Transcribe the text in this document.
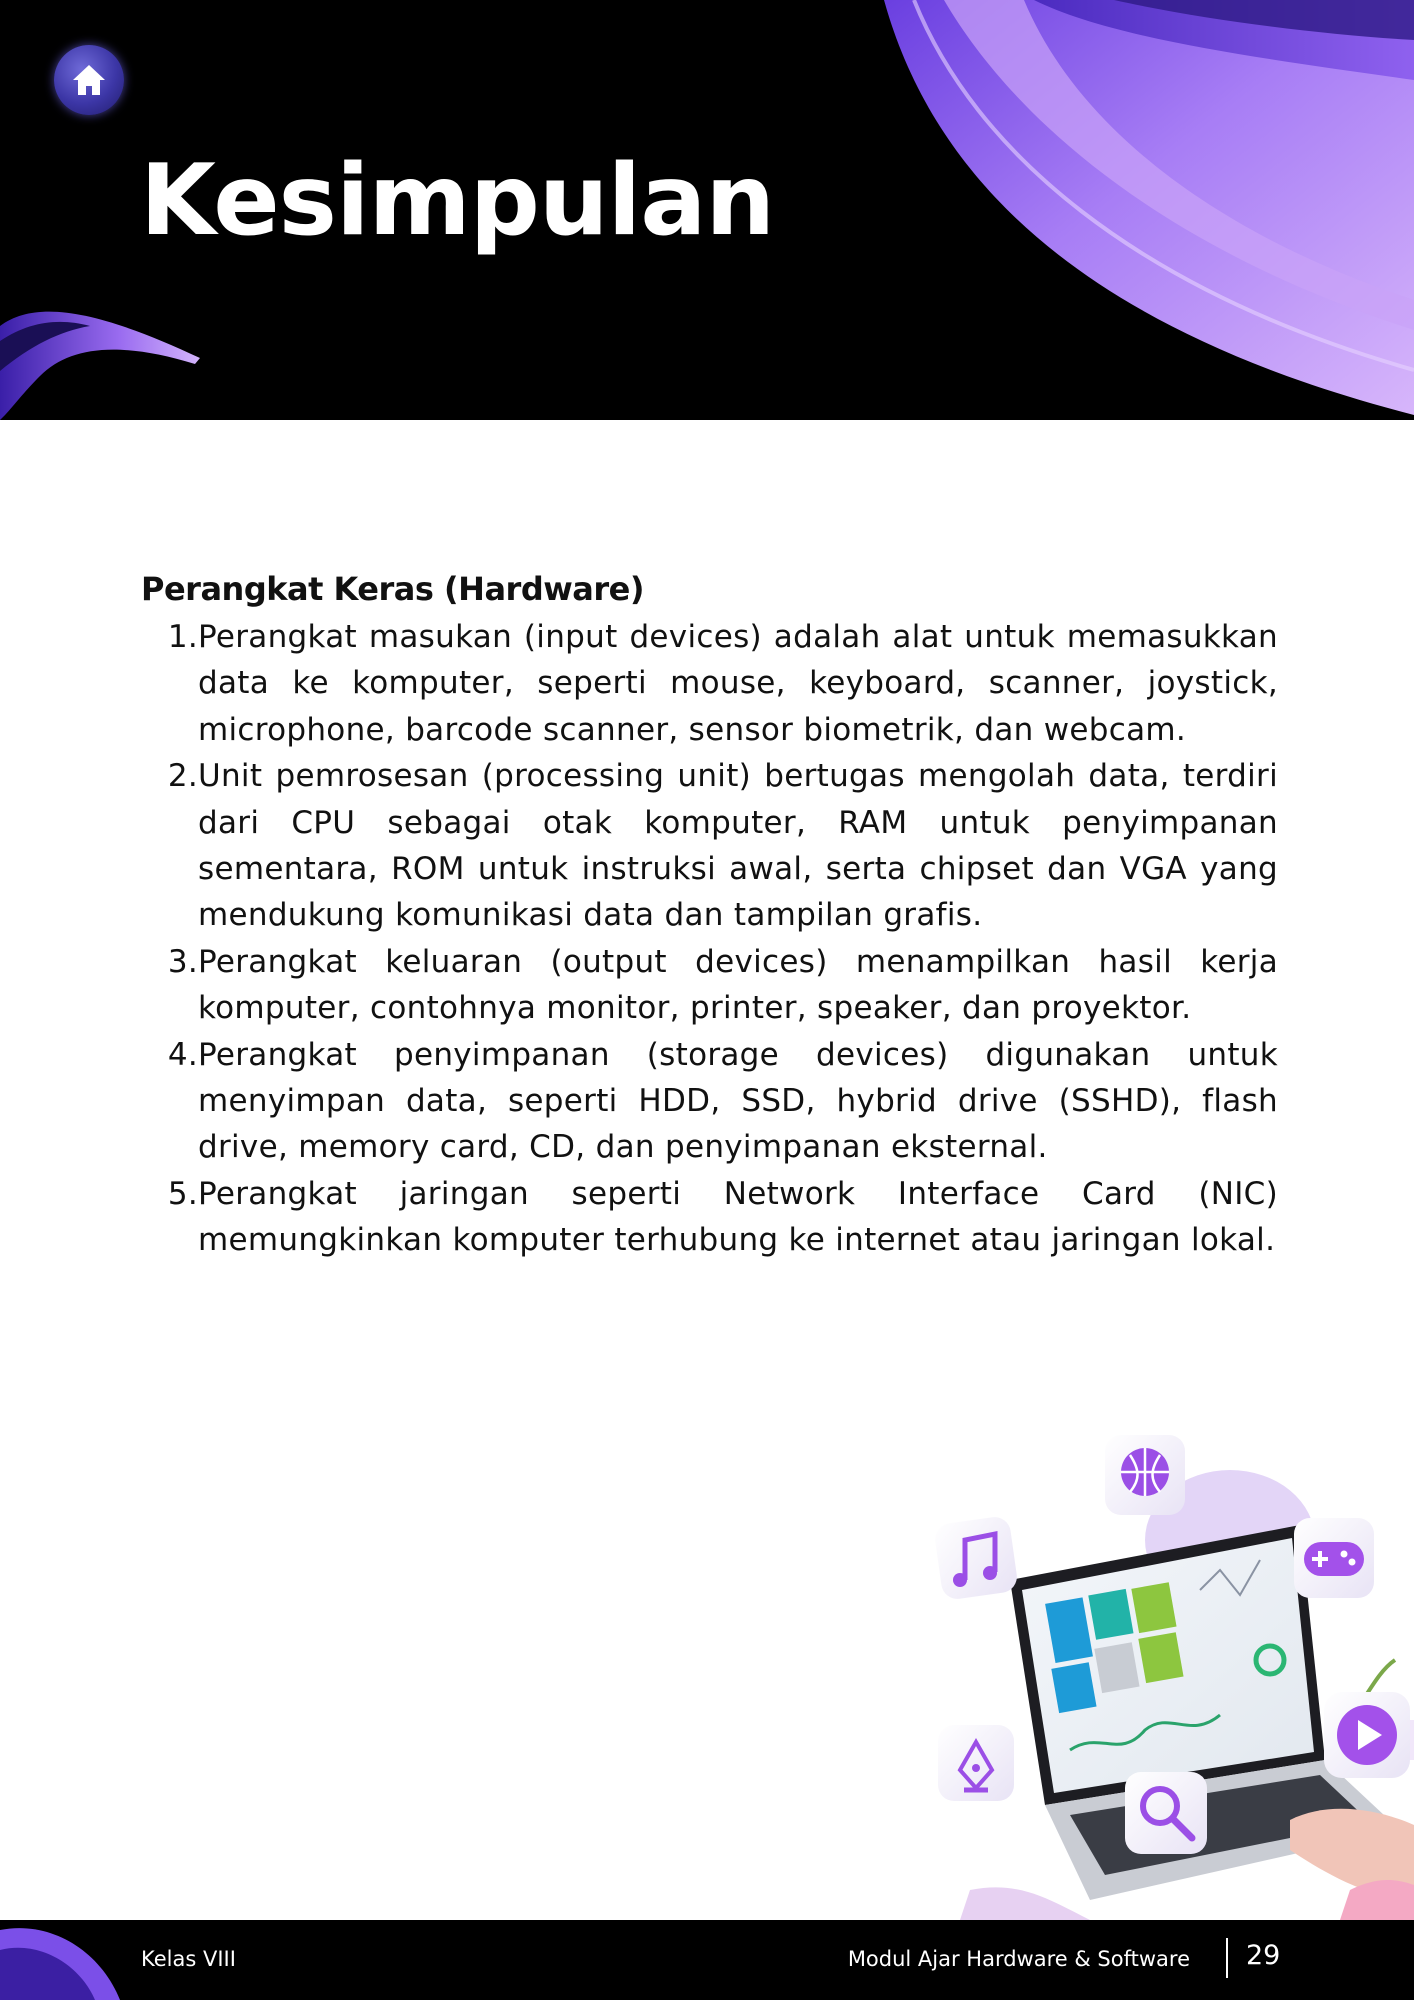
Kesimpulan
Perangkat Keras (Hardware)
1. Perangkat masukan (input devices) adalah alat untuk memasukkan data ke komputer, seperti mouse, keyboard, scanner, joystick, microphone, barcode scanner, sensor biometrik, dan webcam.
2. Unit pemrosesan (processing unit) bertugas mengolah data, terdiri dari CPU sebagai otak komputer, RAM untuk penyimpanan sementara, ROM untuk instruksi awal, serta chipset dan VGA yang mendukung komunikasi data dan tampilan grafis.
3. Perangkat keluaran (output devices) menampilkan hasil kerja komputer, contohnya monitor, printer, speaker, dan proyektor.
4. Perangkat penyimpanan (storage devices) digunakan untuk menyimpan data, seperti HDD, SSD, hybrid drive (SSHD), flash drive, memory card, CD, dan penyimpanan eksternal.
5. Perangkat jaringan seperti Network Interface Card (NIC) memungkinkan komputer terhubung ke internet atau jaringan lokal.
Kelas VIII	Modul Ajar Hardware & Software 29
